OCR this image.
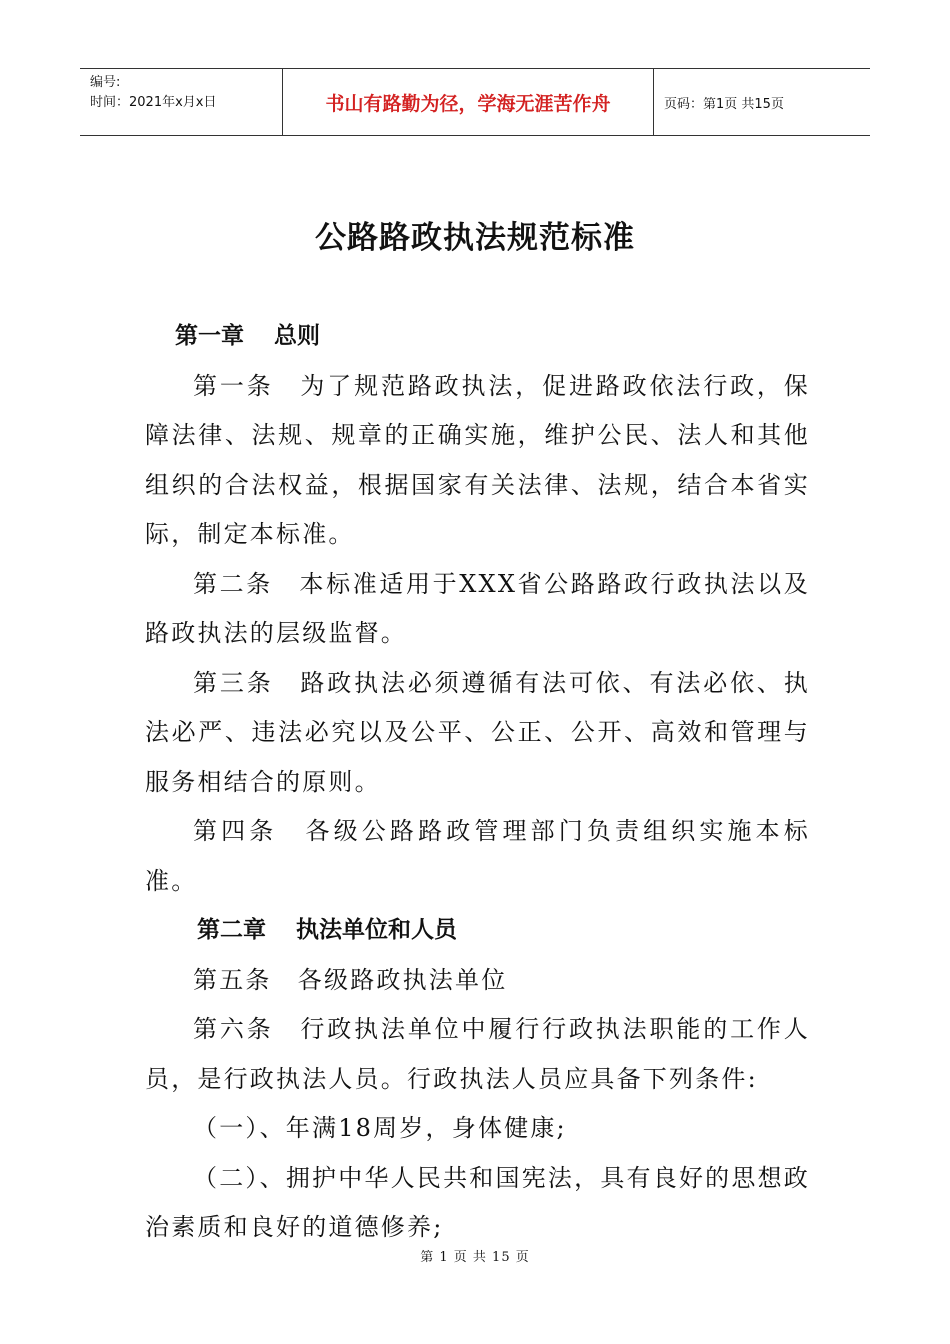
编号:
时间：2021年x月x日	书山有路勤为径，学海无涯苦作舟	页码：第1页 共15页
公路路政执法规范标准

第一章 总则

第一条　为了规范路政执法，促进路政依法行政，保障法律、法规、规章的正确实施，维护公民、法人和其他组织的合法权益，根据国家有关法律、法规，结合本省实际，制定本标准。

第二条　本标准适用于XXX省公路路政行政执法以及路政执法的层级监督。

第三条　路政执法必须遵循有法可依、有法必依、执法必严、违法必究以及公平、公正、公开、高效和管理与服务相结合的原则。

第四条　各级公路路政管理部门负责组织实施本标准。

第二章 执法单位和人员

第五条　各级路政执法单位

第六条　行政执法单位中履行行政执法职能的工作人员，是行政执法人员。行政执法人员应具备下列条件:

（一）、年满18周岁，身体健康;

（二）、拥护中华人民共和国宪法，具有良好的思想政治素质和良好的道德修养;

第 1 页 共 15 页
